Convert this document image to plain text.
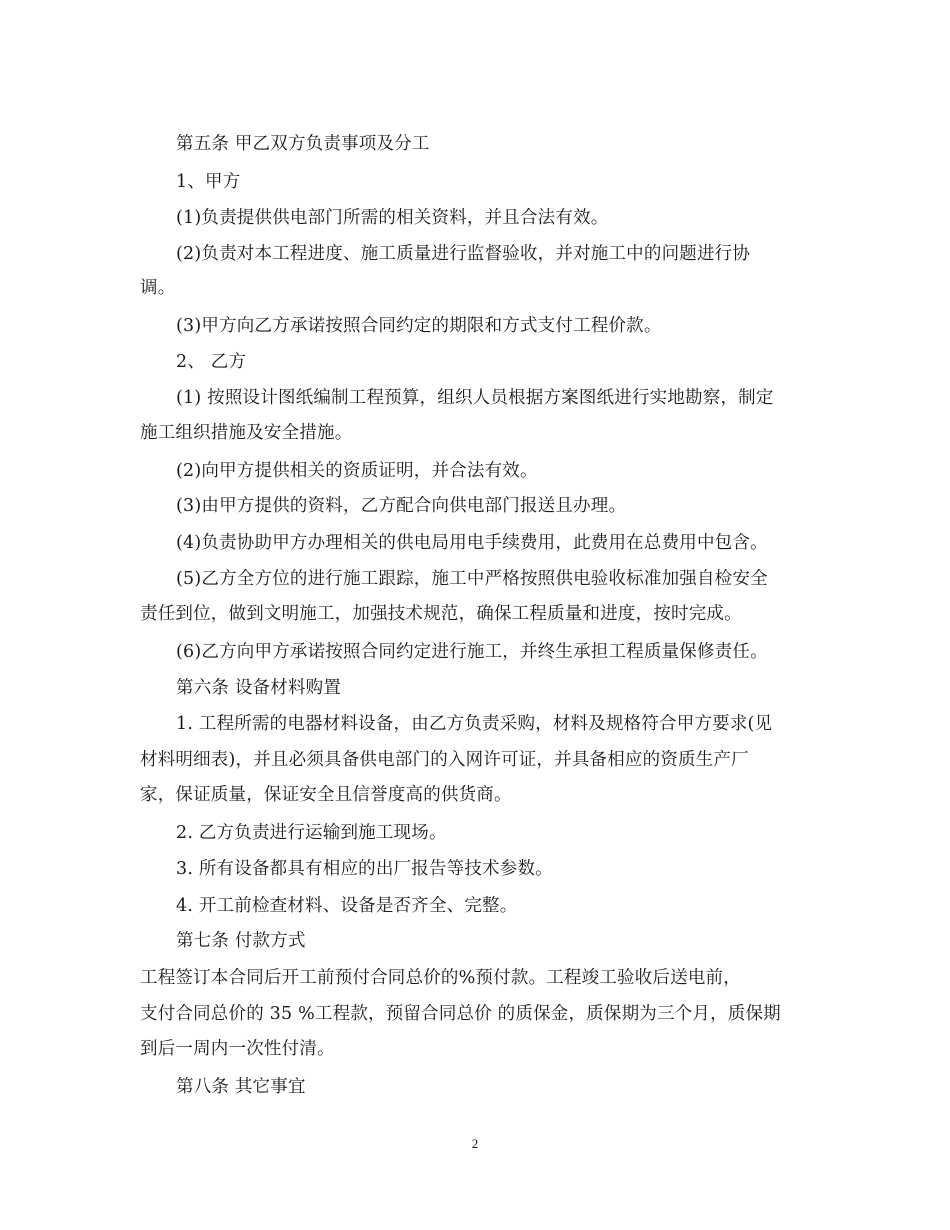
第五条 甲乙双方负责事项及分工
1、甲方
(1)负责提供供电部门所需的相关资料，并且合法有效。
(2)负责对本工程进度、施工质量进行监督验收，并对施工中的问题进行协
调。
(3)甲方向乙方承诺按照合同约定的期限和方式支付工程价款。
2、 乙方
(1) 按照设计图纸编制工程预算，组织人员根据方案图纸进行实地勘察，制定
施工组织措施及安全措施。
(2)向甲方提供相关的资质证明，并合法有效。
(3)由甲方提供的资料，乙方配合向供电部门报送且办理。
(4)负责协助甲方办理相关的供电局用电手续费用，此费用在总费用中包含。
(5)乙方全方位的进行施工跟踪，施工中严格按照供电验收标准加强自检安全
责任到位，做到文明施工，加强技术规范，确保工程质量和进度，按时完成。
(6)乙方向甲方承诺按照合同约定进行施工，并终生承担工程质量保修责任。
第六条 设备材料购置
1. 工程所需的电器材料设备，由乙方负责采购，材料及规格符合甲方要求(见
材料明细表)，并且必须具备供电部门的入网许可证，并具备相应的资质生产厂
家，保证质量，保证安全且信誉度高的供货商。
2. 乙方负责进行运输到施工现场。
3. 所有设备都具有相应的出厂报告等技术参数。
4. 开工前检查材料、设备是否齐全、完整。
第七条 付款方式
工程签订本合同后开工前预付合同总价的%预付款。工程竣工验收后送电前，
支付合同总价的 35 %工程款，预留合同总价 的质保金，质保期为三个月，质保期
到后一周内一次性付清。
第八条 其它事宜
2
